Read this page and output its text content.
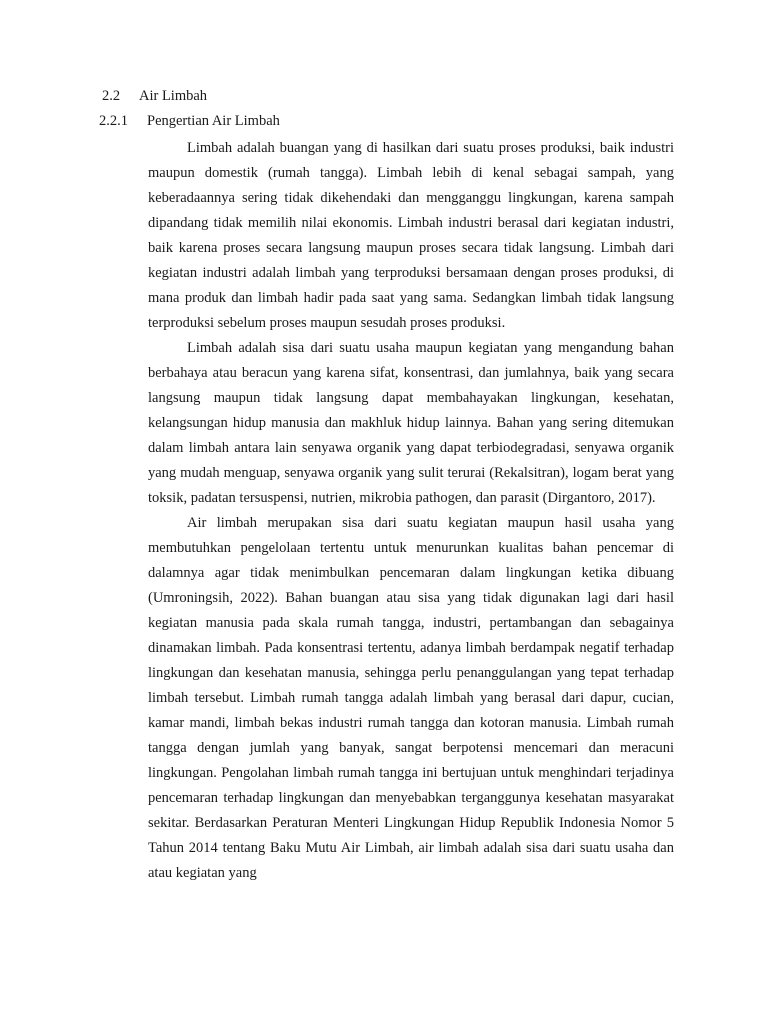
2.2 Air Limbah
2.2.1 Pengertian Air Limbah

Limbah adalah buangan yang di hasilkan dari suatu proses produksi, baik industri maupun domestik (rumah tangga). Limbah lebih di kenal sebagai sampah, yang keberadaannya sering tidak dikehendaki dan mengganggu lingkungan, karena sampah dipandang tidak memilih nilai ekonomis. Limbah industri berasal dari kegiatan industri, baik karena proses secara langsung maupun proses secara tidak langsung. Limbah dari kegiatan industri adalah limbah yang terproduksi bersamaan dengan proses produksi, di mana produk dan limbah hadir pada saat yang sama. Sedangkan limbah tidak langsung terproduksi sebelum proses maupun sesudah proses produksi.

Limbah adalah sisa dari suatu usaha maupun kegiatan yang mengandung bahan berbahaya atau beracun yang karena sifat, konsentrasi, dan jumlahnya, baik yang secara langsung maupun tidak langsung dapat membahayakan lingkungan, kesehatan, kelangsungan hidup manusia dan makhluk hidup lainnya. Bahan yang sering ditemukan dalam limbah antara lain senyawa organik yang dapat terbiodegradasi, senyawa organik yang mudah menguap, senyawa organik yang sulit terurai (Rekalsitran), logam berat yang toksik, padatan tersuspensi, nutrien, mikrobia pathogen, dan parasit (Dirgantoro, 2017).

Air limbah merupakan sisa dari suatu kegiatan maupun hasil usaha yang membutuhkan pengelolaan tertentu untuk menurunkan kualitas bahan pencemar di dalamnya agar tidak menimbulkan pencemaran dalam lingkungan ketika dibuang (Umroningsih, 2022). Bahan buangan atau sisa yang tidak digunakan lagi dari hasil kegiatan manusia pada skala rumah tangga, industri, pertambangan dan sebagainya dinamakan limbah. Pada konsentrasi tertentu, adanya limbah berdampak negatif terhadap lingkungan dan kesehatan manusia, sehingga perlu penanggulangan yang tepat terhadap limbah tersebut. Limbah rumah tangga adalah limbah yang berasal dari dapur, cucian, kamar mandi, limbah bekas industri rumah tangga dan kotoran manusia. Limbah rumah tangga dengan jumlah yang banyak, sangat berpotensi mencemari dan meracuni lingkungan. Pengolahan limbah rumah tangga ini bertujuan untuk menghindari terjadinya pencemaran terhadap lingkungan dan menyebabkan terganggunya kesehatan masyarakat sekitar. Berdasarkan Peraturan Menteri Lingkungan Hidup Republik Indonesia Nomor 5 Tahun 2014 tentang Baku Mutu Air Limbah, air limbah adalah sisa dari suatu usaha dan atau kegiatan yang
